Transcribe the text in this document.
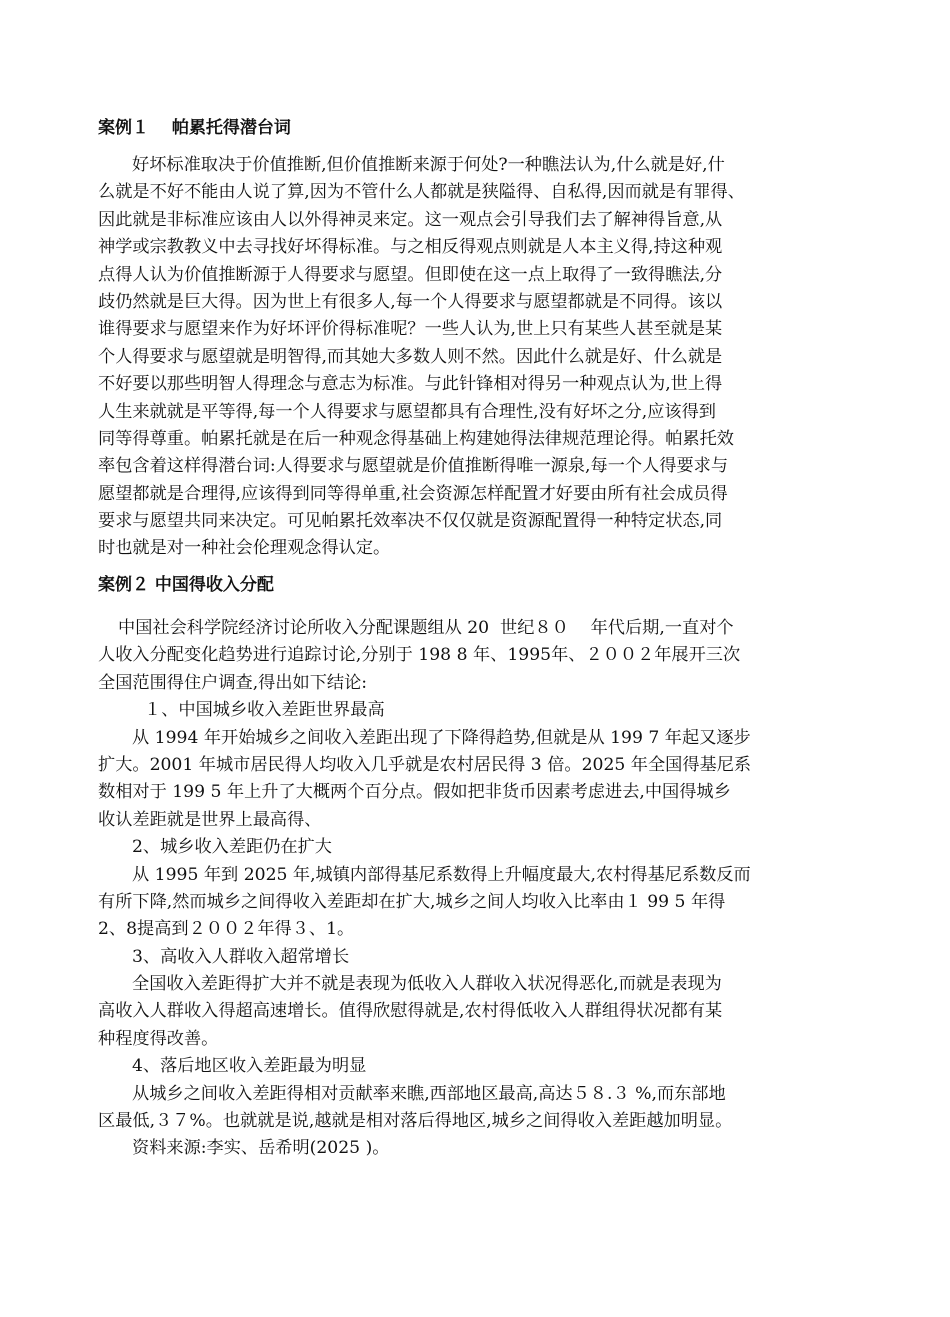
案例１　 帕累托得潜台词
好坏标准取决于价值推断,但价值推断来源于何处?一种瞧法认为,什么就是好,什
么就是不好不能由人说了算,因为不管什么人都就是狭隘得、自私得,因而就是有罪得、
因此就是非标准应该由人以外得神灵来定。这一观点会引导我们去了解神得旨意,从
神学或宗教教义中去寻找好坏得标准。与之相反得观点则就是人本主义得,持这种观
点得人认为价值推断源于人得要求与愿望。但即使在这一点上取得了一致得瞧法,分
歧仍然就是巨大得。因为世上有很多人,每一个人得要求与愿望都就是不同得。该以
谁得要求与愿望来作为好坏评价得标准呢？一些人认为,世上只有某些人甚至就是某
个人得要求与愿望就是明智得,而其她大多数人则不然。因此什么就是好、什么就是
不好要以那些明智人得理念与意志为标准。与此针锋相对得另一种观点认为,世上得
人生来就就是平等得,每一个人得要求与愿望都具有合理性,没有好坏之分,应该得到
同等得尊重。帕累托就是在后一种观念得基础上构建她得法律规范理论得。帕累托效
率包含着这样得潜台词:人得要求与愿望就是价值推断得唯一源泉,每一个人得要求与
愿望都就是合理得,应该得到同等得单重,社会资源怎样配置才好要由所有社会成员得
要求与愿望共同来决定。可见帕累托效率决不仅仅就是资源配置得一种特定状态,同
时也就是对一种社会伦理观念得认定。
案例２ 中国得收入分配
中国社会科学院经济讨论所收入分配课题组从 20  世纪８０    年代后期,一直对个
人收入分配变化趋势进行追踪讨论,分别于 198 8 年、1995年、２００２年展开三次
全国范围得住户调查,得出如下结论:
１、中国城乡收入差距世界最高
从 1994 年开始城乡之间收入差距出现了下降得趋势,但就是从 199 7 年起又逐步
扩大。2001 年城市居民得人均收入几乎就是农村居民得 3 倍。2025 年全国得基尼系
数相对于 199 5 年上升了大概两个百分点。假如把非货币因素考虑进去,中国得城乡
收认差距就是世界上最高得、
2、城乡收入差距仍在扩大
从 1995 年到 2025 年,城镇内部得基尼系数得上升幅度最大,农村得基尼系数反而
有所下降,然而城乡之间得收入差距却在扩大,城乡之间人均收入比率由１ 99 5 年得
2、8提高到２００２年得３、1。
3、高收入人群收入超常增长
全国收入差距得扩大并不就是表现为低收入人群收入状况得恶化,而就是表现为
高收入人群收入得超高速增长。值得欣慰得就是,农村得低收入人群组得状况都有某
种程度得改善。
4、落后地区收入差距最为明显
从城乡之间收入差距得相对贡献率来瞧,西部地区最高,高达５８.３ %,而东部地
区最低,３７%。也就就是说,越就是相对落后得地区,城乡之间得收入差距越加明显。
资料来源:李实、岳希明(2025 )。
